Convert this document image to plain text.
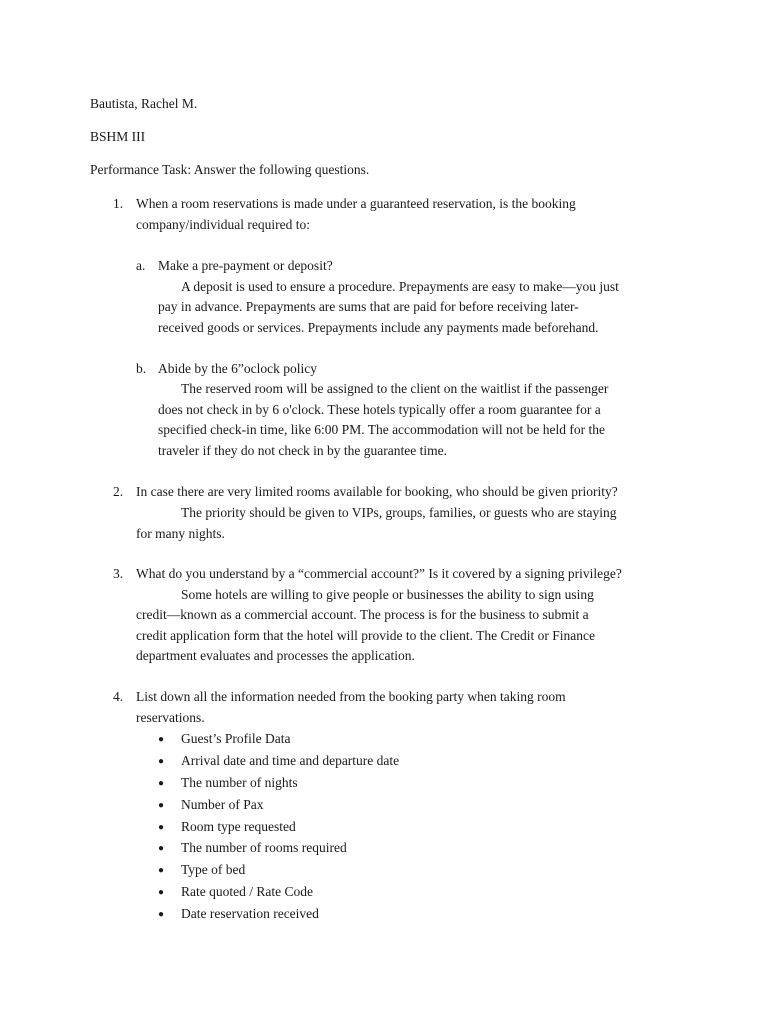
Bautista, Rachel M.
BSHM III
Performance Task: Answer the following questions.
1. When a room reservations is made under a guaranteed reservation, is the booking
company/individual required to:
a. Make a pre-payment or deposit?
A deposit is used to ensure a procedure. Prepayments are easy to make—you just
pay in advance. Prepayments are sums that are paid for before receiving later-
received goods or services. Prepayments include any payments made beforehand.
b. Abide by the 6”oclock policy
The reserved room will be assigned to the client on the waitlist if the passenger
does not check in by 6 o'clock. These hotels typically offer a room guarantee for a
specified check-in time, like 6:00 PM. The accommodation will not be held for the
traveler if they do not check in by the guarantee time.
2. In case there are very limited rooms available for booking, who should be given priority?
The priority should be given to VIPs, groups, families, or guests who are staying
for many nights.
3. What do you understand by a “commercial account?” Is it covered by a signing privilege?
Some hotels are willing to give people or businesses the ability to sign using
credit—known as a commercial account. The process is for the business to submit a
credit application form that the hotel will provide to the client. The Credit or Finance
department evaluates and processes the application.
4. List down all the information needed from the booking party when taking room
reservations.
● Guest’s Profile Data
● Arrival date and time and departure date
● The number of nights
● Number of Pax
● Room type requested
● The number of rooms required
● Type of bed
● Rate quoted / Rate Code
● Date reservation received
